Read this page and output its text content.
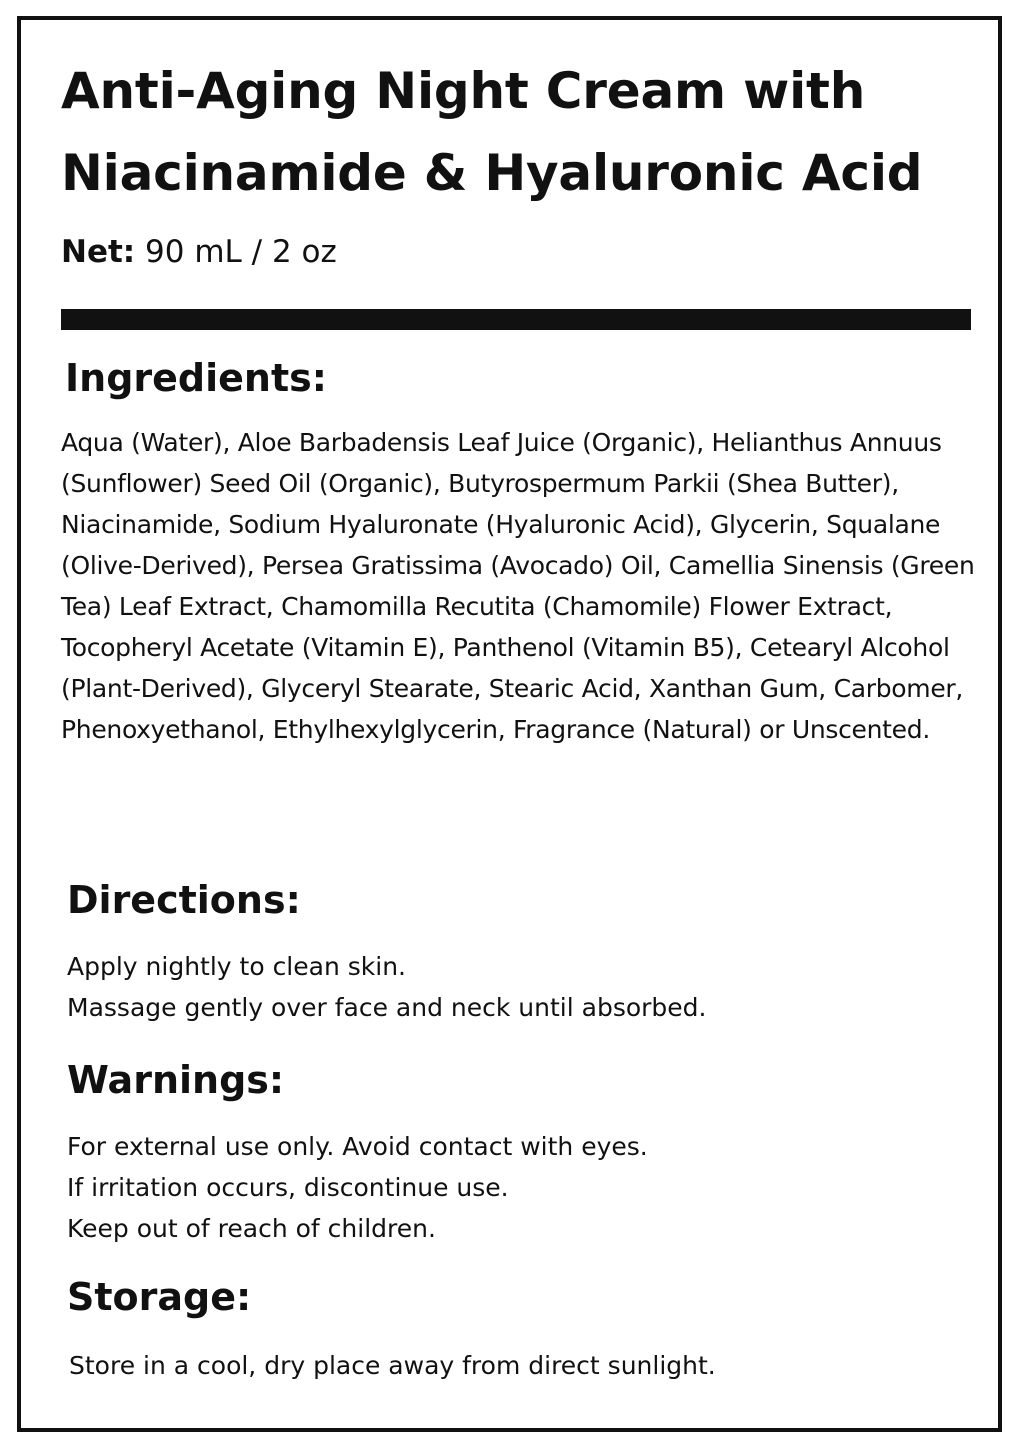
Anti-Aging Night Cream with Niacinamide & Hyaluronic Acid

Net: 90 mL / 2 oz

Ingredients:

Aqua (Water), Aloe Barbadensis Leaf Juice (Organic), Helianthus Annuus (Sunflower) Seed Oil (Organic), Butyrospermum Parkii (Shea Butter), Niacinamide, Sodium Hyaluronate (Hyaluronic Acid), Glycerin, Squalane (Olive-Derived), Persea Gratissima (Avocado) Oil, Camellia Sinensis (Green Tea) Leaf Extract, Chamomilla Recutita (Chamomile) Flower Extract, Tocopheryl Acetate (Vitamin E), Panthenol (Vitamin B5), Cetearyl Alcohol (Plant-Derived), Glyceryl Stearate, Stearic Acid, Xanthan Gum, Carbomer, Phenoxyethanol, Ethylhexylglycerin, Fragrance (Natural) or Unscented.

Directions:
Apply nightly to clean skin.
Massage gently over face and neck until absorbed.
Warnings:
For external use only. Avoid contact with eyes.
If irritation occurs, discontinue use.
Keep out of reach of children.
Storage:
Store in a cool, dry place away from direct sunlight.
